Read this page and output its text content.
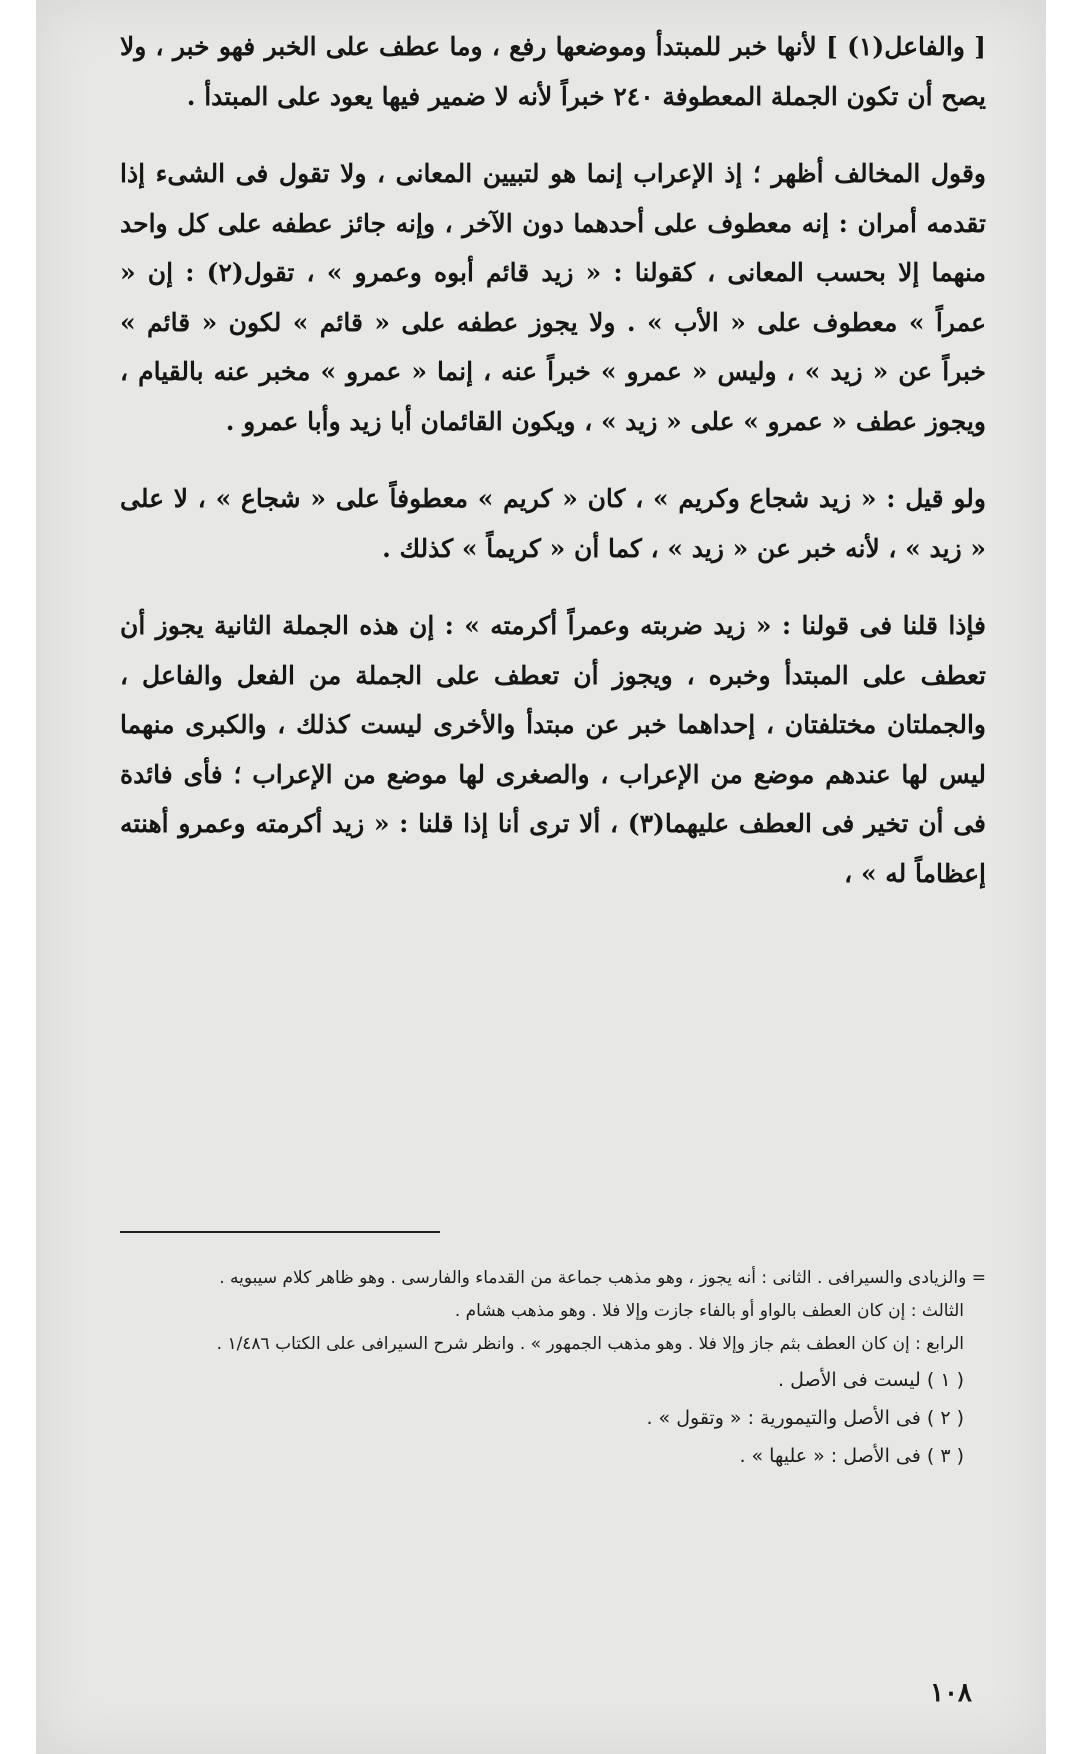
[ والفاعل(١) ] لأنها خبر للمبتدأ وموضعها رفع ، وما عطف على الخبر فهو خبر ، ولا يصح أن تكون الجملة المعطوفة ٢٤٠ خبراً لأنه لا ضمير فيها يعود على المبتدأ .

وقول المخالف أظهر ؛ إذ الإعراب إنما هو لتبيين المعانى ، ولا تقول فى الشىء إذا تقدمه أمران : إنه معطوف على أحدهما دون الآخر ، وإنه جائز عطفه على كل واحد منهما إلا بحسب المعانى ، كقولنا : « زيد قائم أبوه وعمرو » ، تقول(٢) : إن « عمراً » معطوف على « الأب » . ولا يجوز عطفه على « قائم » لكون « قائم » خبراً عن « زيد » ، وليس « عمرو » خبراً عنه ، إنما « عمرو » مخبر عنه بالقيام ، ويجوز عطف « عمرو » على « زيد » ، ويكون القائمان أبا زيد وأبا عمرو .

ولو قيل : « زيد شجاع وكريم » ، كان « كريم » معطوفاً على « شجاع » ، لا على « زيد » ، لأنه خبر عن « زيد » ، كما أن « كريماً » كذلك .

فإذا قلنا فى قولنا : « زيد ضربته وعمراً أكرمته » : إن هذه الجملة الثانية يجوز أن تعطف على المبتدأ وخبره ، ويجوز أن تعطف على الجملة من الفعل والفاعل ، والجملتان مختلفتان ، إحداهما خبر عن مبتدأ والأخرى ليست كذلك ، والكبرى منهما ليس لها عندهم موضع من الإعراب ، والصغرى لها موضع من الإعراب ؛ فأى فائدة فى أن تخير فى العطف عليهما(٣) ، ألا ترى أنا إذا قلنا : « زيد أكرمته وعمرو أهنته إعظاماً له » ،

= والزيادى والسيرافى . الثانى : أنه يجوز ، وهو مذهب جماعة من القدماء والفارسى . وهو ظاهر كلام سيبويه .

الثالث : إن كان العطف بالواو أو بالفاء جازت وإلا فلا . وهو مذهب هشام .

الرابع : إن كان العطف بثم جاز وإلا فلا . وهو مذهب الجمهور » . وانظر شرح السيرافى على الكتاب ١/٤٨٦ .

( ١ ) ليست فى الأصل .

( ٢ ) فى الأصل والتيمورية : « وتقول » .

( ٣ ) فى الأصل : « عليها » .

١٠٨
